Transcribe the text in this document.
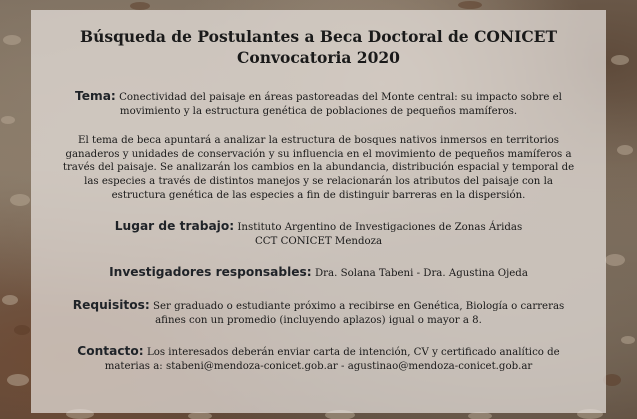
Búsqueda de Postulantes a Beca Doctoral de CONICET
Convocatoria 2020
Tema: Conectividad del paisaje en áreas pastoreadas del Monte central: su impacto sobre el
movimiento y la estructura genética de poblaciones de pequeños mamíferos.
El tema de beca apuntará a analizar la estructura de bosques nativos inmersos en territorios
ganaderos y unidades de conservación y su influencia en el movimiento de pequeños mamíferos a
través del paisaje. Se analizarán los cambios en la abundancia, distribución espacial y temporal de
las especies a través de distintos manejos y se relacionarán los atributos del paisaje con la
estructura genética de las especies a fin de distinguir barreras en la dispersión.
Lugar de trabajo: Instituto Argentino de Investigaciones de Zonas Áridas
CCT CONICET Mendoza
Investigadores responsables: Dra. Solana Tabeni - Dra. Agustina Ojeda
Requisitos: Ser graduado o estudiante próximo a recibirse en Genética, Biología o carreras
afines con un promedio (incluyendo aplazos) igual o mayor a 8.
Contacto: Los interesados deberán enviar carta de intención, CV y certificado analítico de
materias a: stabeni@mendoza-conicet.gob.ar - agustinao@mendoza-conicet.gob.ar
